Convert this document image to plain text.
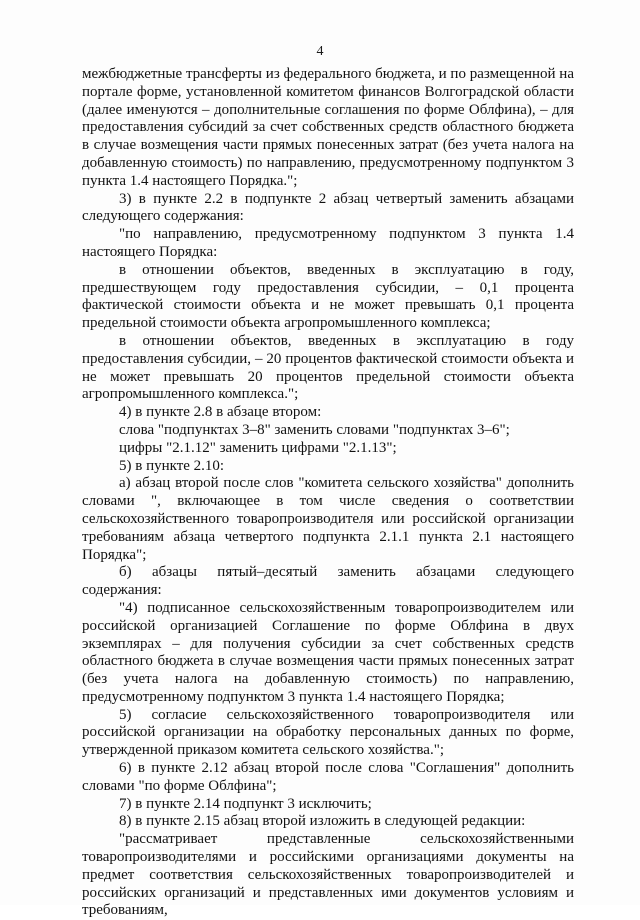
4

межбюджетные трансферты из федерального бюджета, и по размещенной на портале форме, установленной комитетом финансов Волгоградской области (далее именуются – дополнительные соглашения по форме Облфина), – для предоставления субсидий за счет собственных средств областного бюджета в случае возмещения части прямых понесенных затрат (без учета налога на добавленную стоимость) по направлению, предусмотренному подпунктом 3 пункта 1.4 настоящего Порядка.";

3) в пункте 2.2 в подпункте 2 абзац четвертый заменить абзацами следующего содержания:

"по направлению, предусмотренному подпунктом 3 пункта 1.4 настоящего Порядка:

в отношении объектов, введенных в эксплуатацию в году, предшествующем году предоставления субсидии, – 0,1 процента фактической стоимости объекта и не может превышать 0,1 процента предельной стоимости объекта агропромышленного комплекса;

в отношении объектов, введенных в эксплуатацию в году предоставления субсидии, – 20 процентов фактической стоимости объекта и не может превышать 20 процентов предельной стоимости объекта агропромышленного комплекса.";

4) в пункте 2.8 в абзаце втором:

слова "подпунктах 3–8" заменить словами "подпунктах 3–6";

цифры "2.1.12" заменить цифрами "2.1.13";

5) в пункте 2.10:

а) абзац второй после слов "комитета сельского хозяйства" дополнить словами ", включающее в том числе сведения о соответствии сельскохозяйственного товаропроизводителя или российской организации требованиям абзаца четвертого подпункта 2.1.1 пункта 2.1 настоящего Порядка";

б) абзацы пятый–десятый заменить абзацами следующего содержания:

"4) подписанное сельскохозяйственным товаропроизводителем или российской организацией Соглашение по форме Облфина в двух экземплярах – для получения субсидии за счет собственных средств областного бюджета в случае возмещения части прямых понесенных затрат (без учета налога на добавленную стоимость) по направлению, предусмотренному подпунктом 3 пункта 1.4 настоящего Порядка;

5) согласие сельскохозяйственного товаропроизводителя или российской организации на обработку персональных данных по форме, утвержденной приказом комитета сельского хозяйства.";

6) в пункте 2.12 абзац второй после слова "Соглашения" дополнить словами "по форме Облфина";

7) в пункте 2.14 подпункт 3 исключить;

8) в пункте 2.15 абзац второй изложить в следующей редакции:

"рассматривает представленные сельскохозяйственными товаропроизводителями и российскими организациями документы на предмет соответствия сельскохозяйственных товаропроизводителей и российских организаций и представленных ими документов условиям и требованиям,
